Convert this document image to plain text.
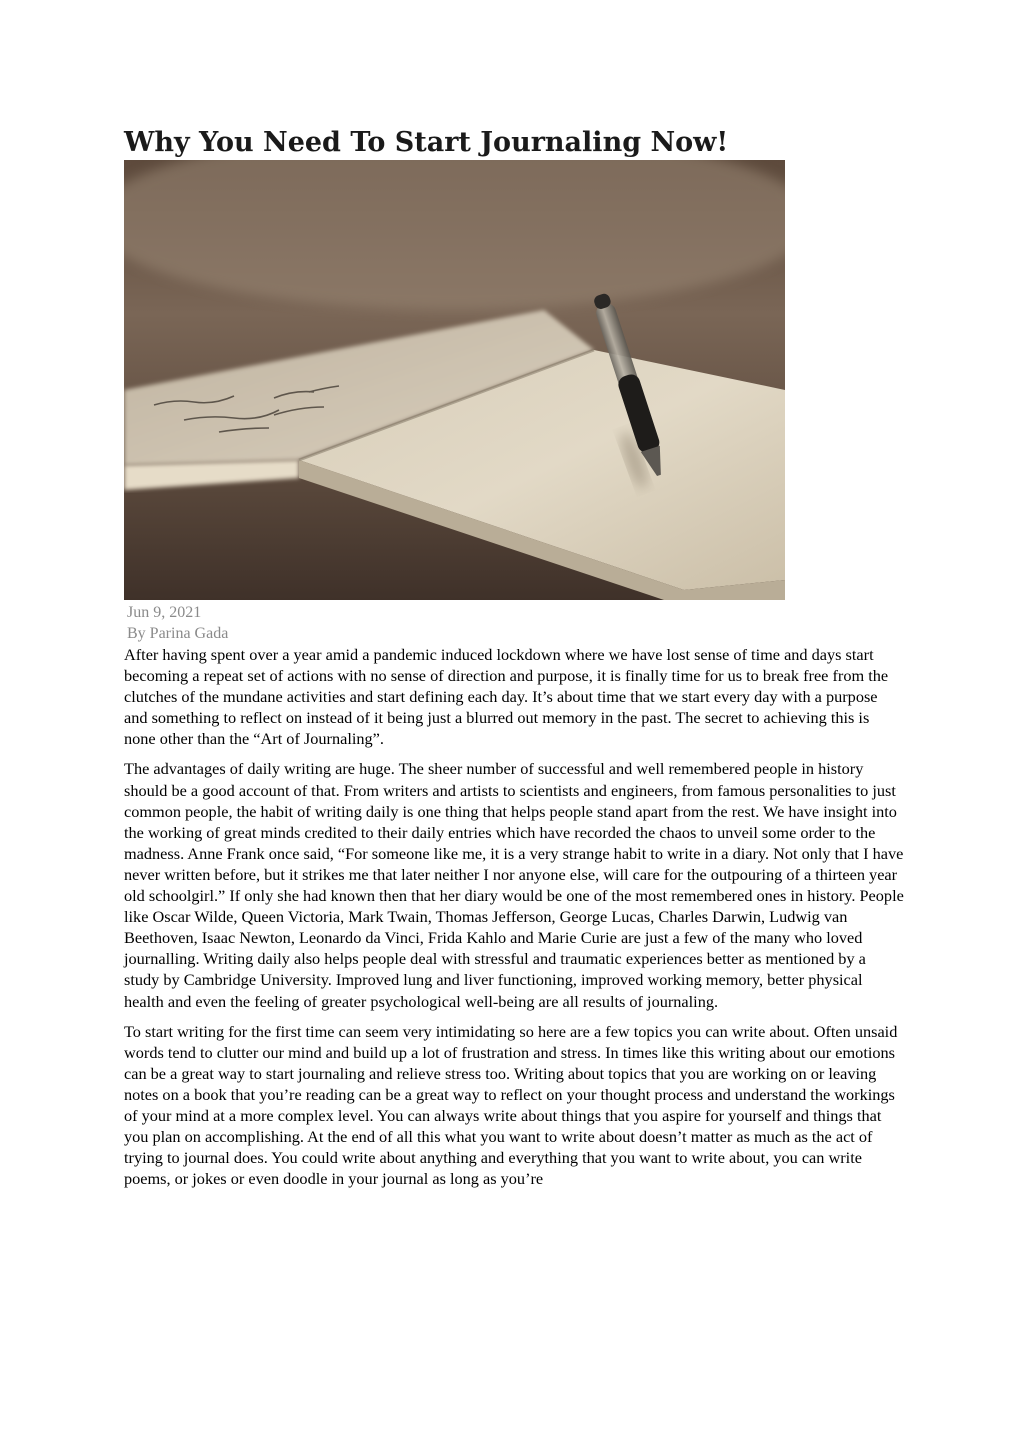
Why You Need To Start Journaling Now!
Jun 9, 2021
By Parina Gada

After having spent over a year amid a pandemic induced lockdown where we have lost sense of time and days start becoming a repeat set of actions with no sense of direction and purpose, it is finally time for us to break free from the clutches of the mundane activities and start defining each day. It’s about time that we start every day with a purpose and something to reflect on instead of it being just a blurred out memory in the past. The secret to achieving this is none other than the “Art of Journaling”.

The advantages of daily writing are huge. The sheer number of successful and well remembered people in history should be a good account of that. From writers and artists to scientists and engineers, from famous personalities to just common people, the habit of writing daily is one thing that helps people stand apart from the rest. We have insight into the working of great minds credited to their daily entries which have recorded the chaos to unveil some order to the madness. Anne Frank once said, “For someone like me, it is a very strange habit to write in a diary. Not only that I have never written before, but it strikes me that later neither I nor anyone else, will care for the outpouring of a thirteen year old schoolgirl.” If only she had known then that her diary would be one of the most remembered ones in history. People like Oscar Wilde, Queen Victoria, Mark Twain, Thomas Jefferson, George Lucas, Charles Darwin, Ludwig van Beethoven, Isaac Newton, Leonardo da Vinci, Frida Kahlo and Marie Curie are just a few of the many who loved journalling. Writing daily also helps people deal with stressful and traumatic experiences better as mentioned by a study by Cambridge University. Improved lung and liver functioning, improved working memory, better physical health and even the feeling of greater psychological well-being are all results of journaling.

To start writing for the first time can seem very intimidating so here are a few topics you can write about. Often unsaid words tend to clutter our mind and build up a lot of frustration and stress. In times like this writing about our emotions can be a great way to start journaling and relieve stress too. Writing about topics that you are working on or leaving notes on a book that you’re reading can be a great way to reflect on your thought process and understand the workings of your mind at a more complex level. You can always write about things that you aspire for yourself and things that you plan on accomplishing. At the end of all this what you want to write about doesn’t matter as much as the act of trying to journal does. You could write about anything and everything that you want to write about, you can write poems, or jokes or even doodle in your journal as long as you’re
